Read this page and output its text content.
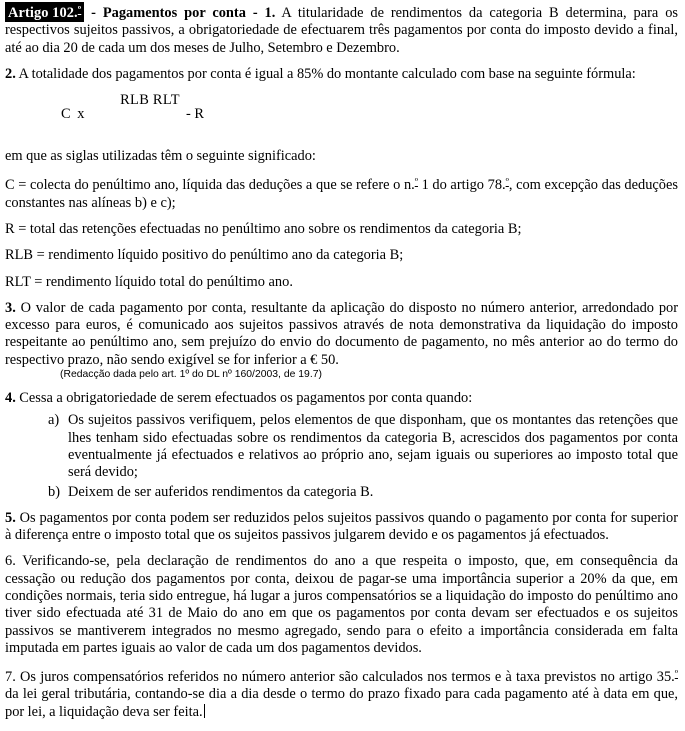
Artigo 102.$^º$ - Pagamentos por conta - 1. A titularidade de rendimentos da categoria B determina, para os respectivos sujeitos passivos, a obrigatoriedade de efectuarem três pagamentos por conta do imposto devido a final, até ao dia 20 de cada um dos meses de Julho, Setembro e Dezembro.

2. A totalidade dos pagamentos por conta é igual a 85% do montante calculado com base na seguinte fórmula:

C x
RLB RLT
- R

em que as siglas utilizadas têm o seguinte significado:

C = colecta do penúltimo ano, líquida das deduções a que se refere o n.$^º$ 1 do artigo 78.$^º$, com excepção das deduções constantes nas alíneas b) e c);

R = total das retenções efectuadas no penúltimo ano sobre os rendimentos da categoria B;

RLB = rendimento líquido positivo do penúltimo ano da categoria B;

RLT = rendimento líquido total do penúltimo ano.

3. O valor de cada pagamento por conta, resultante da aplicação do disposto no número anterior, arredondado por excesso para euros, é comunicado aos sujeitos passivos através de nota demonstrativa da liquidação do imposto respeitante ao penúltimo ano, sem prejuízo do envio do documento de pagamento, no mês anterior ao do termo do respectivo prazo, não sendo exigível se for inferior a € 50.

(Redacção dada pelo art. 1º do DL nº 160/2003, de 19.7)

4. Cessa a obrigatoriedade de serem efectuados os pagamentos por conta quando:

a) Os sujeitos passivos verifiquem, pelos elementos de que disponham, que os montantes das retenções que lhes tenham sido efectuadas sobre os rendimentos da categoria B, acrescidos dos pagamentos por conta eventualmente já efectuados e relativos ao próprio ano, sejam iguais ou superiores ao imposto total que será devido;
b) Deixem de ser auferidos rendimentos da categoria B.

5. Os pagamentos por conta podem ser reduzidos pelos sujeitos passivos quando o pagamento por conta for superior à diferença entre o imposto total que os sujeitos passivos julgarem devido e os pagamentos já efectuados.

6. Verificando-se, pela declaração de rendimentos do ano a que respeita o imposto, que, em consequência da cessação ou redução dos pagamentos por conta, deixou de pagar-se uma importância superior a 20% da que, em condições normais, teria sido entregue, há lugar a juros compensatórios se a liquidação do imposto do penúltimo ano tiver sido efectuada até 31 de Maio do ano em que os pagamentos por conta devam ser efectuados e os sujeitos passivos se mantiverem integrados no mesmo agregado, sendo para o efeito a importância considerada em falta imputada em partes iguais ao valor de cada um dos pagamentos devidos.

7. Os juros compensatórios referidos no número anterior são calculados nos termos e à taxa previstos no artigo 35.$^º$ da lei geral tributária, contando-se dia a dia desde o termo do prazo fixado para cada pagamento até à data em que, por lei, a liquidação deva ser feita.
